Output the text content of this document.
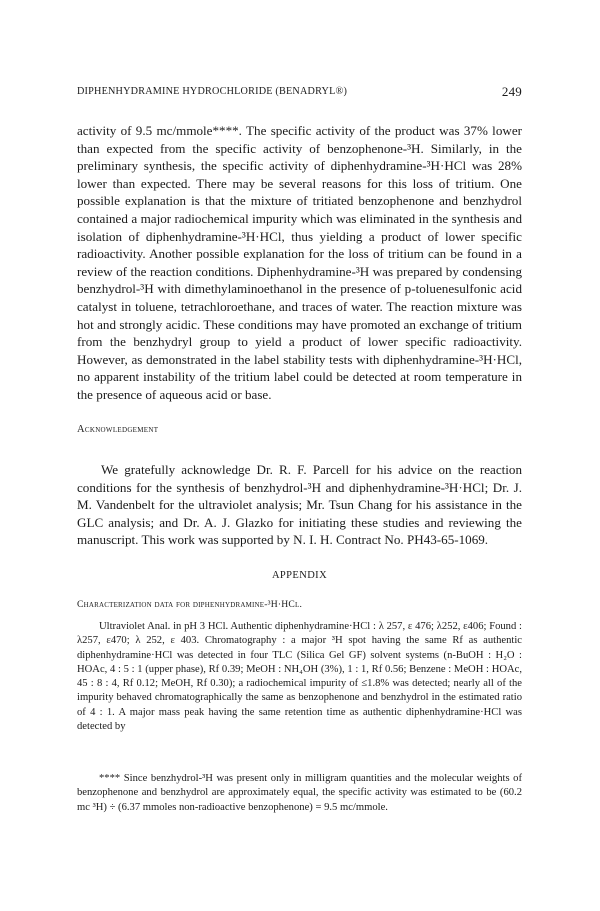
DIPHENHYDRAMINE HYDROCHLORIDE (BENADRYL®)	249
activity of 9.5 mc/mmole****. The specific activity of the product was 37% lower than expected from the specific activity of benzophenone-³H. Similarly, in the preliminary synthesis, the specific activity of diphenhydramine-³H·HCl was 28% lower than expected. There may be several reasons for this loss of tritium. One possible explanation is that the mixture of tritiated benzophenone and benzhydrol contained a major radiochemical impurity which was eliminated in the synthesis and isolation of diphenhydramine-³H·HCl, thus yielding a product of lower specific radioactivity. Another possible explanation for the loss of tritium can be found in a review of the reaction conditions. Diphenhydramine-³H was prepared by condensing benzhydrol-³H with dimethylaminoethanol in the presence of p-toluenesulfonic acid catalyst in toluene, tetrachloroethane, and traces of water. The reaction mixture was hot and strongly acidic. These conditions may have promoted an exchange of tritium from the benzhydryl group to yield a product of lower specific radioactivity. However, as demonstrated in the label stability tests with diphenhydramine-³H·HCl, no apparent instability of the tritium label could be detected at room temperature in the presence of aqueous acid or base.
Acknowledgement

We gratefully acknowledge Dr. R. F. Parcell for his advice on the reaction conditions for the synthesis of benzhydrol-³H and diphenhydramine-³H·HCl; Dr. J. M. Vandenbelt for the ultraviolet analysis; Mr. Tsun Chang for his assistance in the GLC analysis; and Dr. A. J. Glazko for initiating these studies and reviewing the manuscript. This work was supported by N. I. H. Contract No. PH43-65-1069.

APPENDIX
Characterization data for diphenhydramine-³H·HCl.

Ultraviolet Anal. in pH 3 HCl. Authentic diphenhydramine·HCl : λ 257, ε 476; λ252, ε406; Found : λ257, ε470; λ 252, ε 403. Chromatography : a major ³H spot having the same Rf as authentic diphenhydramine·HCl was detected in four TLC (Silica Gel GF) solvent systems (n-BuOH : H₂O : HOAc, 4 : 5 : 1 (upper phase), Rf 0.39; MeOH : NH₄OH (3%), 1 : 1, Rf 0.56; Benzene : MeOH : HOAc, 45 : 8 : 4, Rf 0.12; MeOH, Rf 0.30); a radiochemical impurity of ≤1.8% was detected; nearly all of the impurity behaved chromatographically the same as benzophenone and benzhydrol in the estimated ratio of 4 : 1. A major mass peak having the same retention time as authentic diphenhydramine·HCl was detected by

**** Since benzhydrol-³H was present only in milligram quantities and the molecular weights of benzophenone and benzhydrol are approximately equal, the specific activity was estimated to be (60.2 mc ³H) ÷ (6.37 mmoles non-radioactive benzophenone) = 9.5 mc/mmole.
